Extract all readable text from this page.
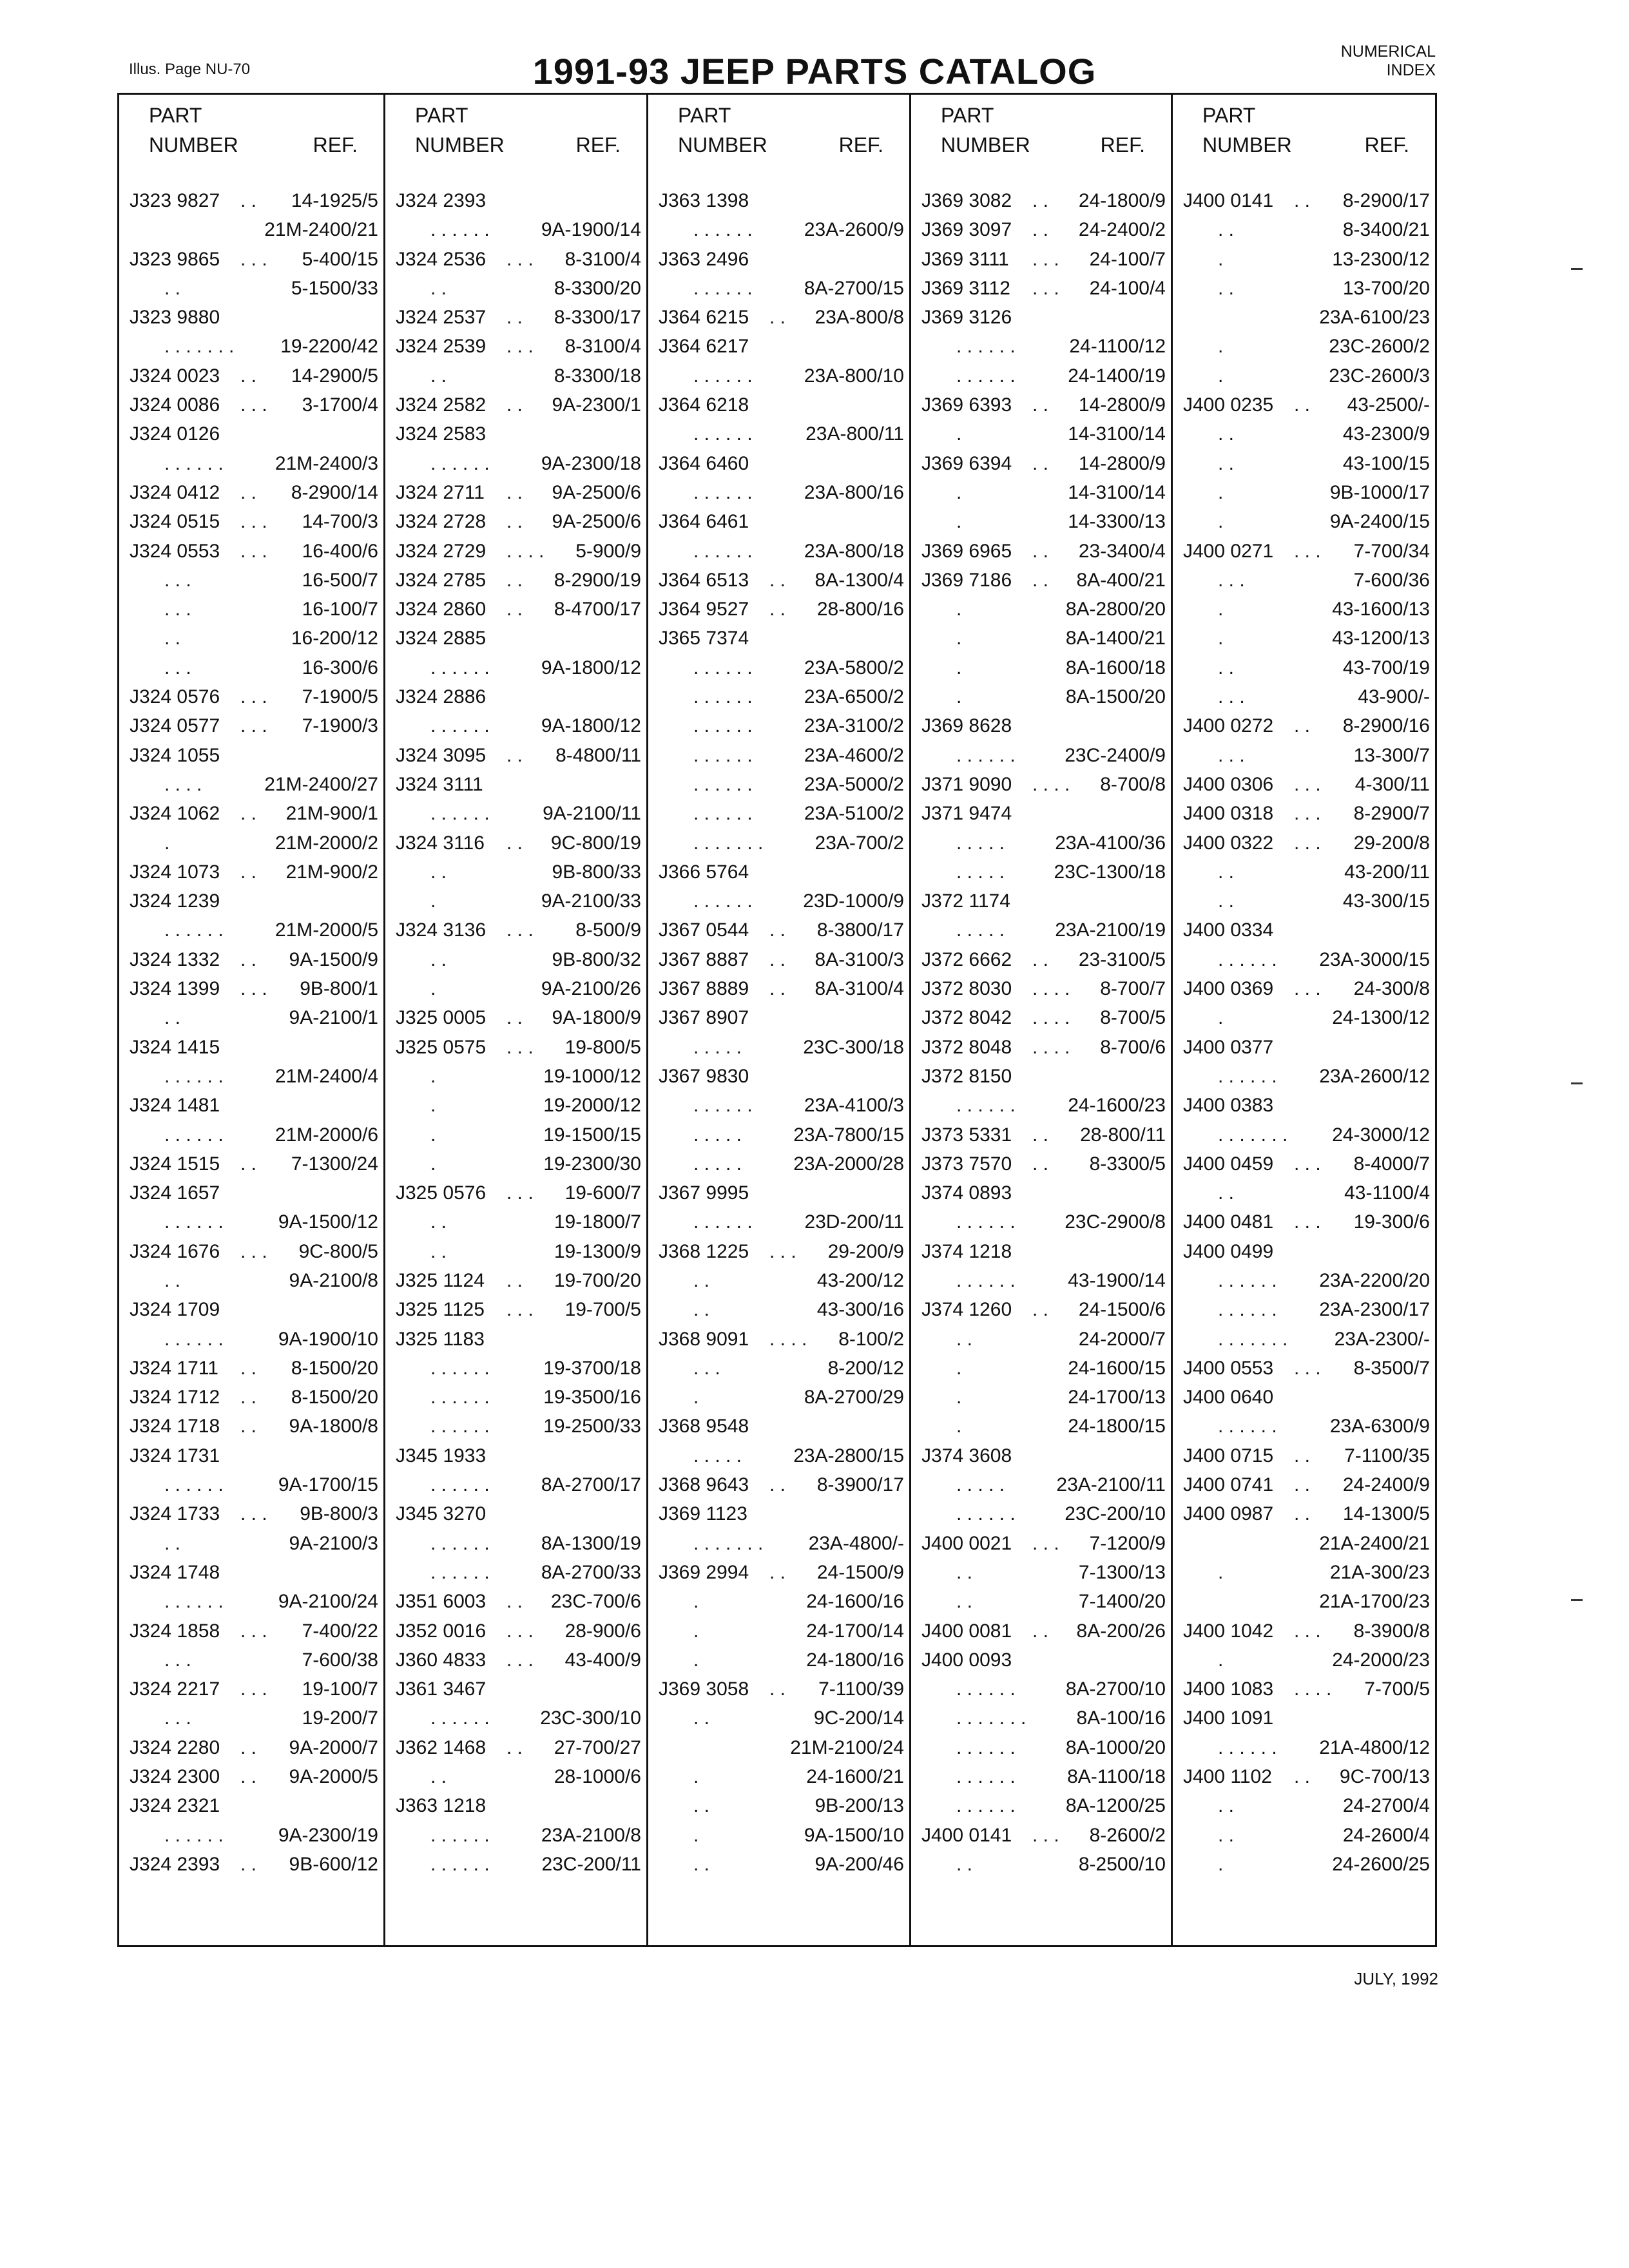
Illus. Page NU-70	1991-93 JEEP PARTS CATALOG	NUMERICAL
INDEX
PART
NUMBER	REF.
J323 9827 . . 14-1925/5
21M-2400/21
J323 9865 . . . 5-400/15
. .	5-1500/33
J323 9880
. . . . . . . 19-2200/42
J324 0023 . . 14-2900/5
J324 0086 . . . 3-1700/4
J324 0126
. . . . . .	21M-2400/3
J324 0412 . . 8-2900/14
J324 0515 . . . 14-700/3
J324 0553 . . . 16-400/6
. . .	16-500/7
. . .	16-100/7
. .	16-200/12
. . .	16-300/6
J324 0576 . . . 7-1900/5
J324 0577 . . . 7-1900/3
J324 1055
. . . .	21M-2400/27
J324 1062 . . 21M-900/1
.	21M-2000/2
J324 1073 . . 21M-900/2
J324 1239
. . . . . .	21M-2000/5
J324 1332 . . 9A-1500/9
J324 1399 . . . 9B-800/1
. .	9A-2100/1
J324 1415
. . . . . .	21M-2400/4
J324 1481
. . . . . .	21M-2000/6
J324 1515 . . 7-1300/24
J324 1657
. . . . . .	9A-1500/12
J324 1676 . . . 9C-800/5
. .	9A-2100/8
J324 1709
. . . . . .	9A-1900/10
J324 1711 . . 8-1500/20
J324 1712 . . 8-1500/20
J324 1718 . . 9A-1800/8
J324 1731
. . . . . .	9A-1700/15
J324 1733 . . . 9B-800/3
. .	9A-2100/3
J324 1748
. . . . . .	9A-2100/24
J324 1858 . . . 7-400/22
. . .	7-600/38
J324 2217 . . . 19-100/7
. . .	19-200/7
J324 2280 . . 9A-2000/7
J324 2300 . . 9A-2000/5
J324 2321
. . . . . .	9A-2300/19
J324 2393 . . 9B-600/12
PART
NUMBER	REF.
J324 2393
. . . . . .	9A-1900/14
J324 2536 . . . 8-3100/4
. .	8-3300/20
J324 2537 . . 8-3300/17
J324 2539 . . . 8-3100/4
. .	8-3300/18
J324 2582 . . 9A-2300/1
J324 2583
. . . . . .	9A-2300/18
J324 2711 . . 9A-2500/6
J324 2728 . . 9A-2500/6
J324 2729 . . . . 5-900/9
J324 2785 . . 8-2900/19
J324 2860 . . 8-4700/17
J324 2885
. . . . . .	9A-1800/12
J324 2886
. . . . . .	9A-1800/12
J324 3095 . . 8-4800/11
J324 3111
. . . . . .	9A-2100/11
J324 3116 . . 9C-800/19
. .	9B-800/33
.	9A-2100/33
J324 3136 . . . 8-500/9
. .	9B-800/32
.	9A-2100/26
J325 0005 . . 9A-1800/9
J325 0575 . . . 19-800/5
.	19-1000/12
.	19-2000/12
.	19-1500/15
.	19-2300/30
J325 0576 . . . 19-600/7
. .	19-1800/7
. .	19-1300/9
J325 1124 . . 19-700/20
J325 1125 . . . 19-700/5
J325 1183
. . . . . .	19-3700/18
. . . . . .	19-3500/16
. . . . . .	19-2500/33
J345 1933
. . . . . .	8A-2700/17
J345 3270
. . . . . .	8A-1300/19
. . . . . .	8A-2700/33
J351 6003 . . 23C-700/6
J352 0016 . . . 28-900/6
J360 4833 . . . 43-400/9
J361 3467
. . . . . .	23C-300/10
J362 1468 . . 27-700/27
. .	28-1000/6
J363 1218
. . . . . .	23A-2100/8
. . . . . .	23C-200/11
PART
NUMBER	REF.
J363 1398
. . . . . .	23A-2600/9
J363 2496
. . . . . .	8A-2700/15
J364 6215 . . 23A-800/8
J364 6217
. . . . . .	23A-800/10
J364 6218
. . . . . .	23A-800/11
J364 6460
. . . . . .	23A-800/16
J364 6461
. . . . . .	23A-800/18
J364 6513 . . 8A-1300/4
J364 9527 . . 28-800/16
J365 7374
. . . . . .	23A-5800/2
. . . . . .	23A-6500/2
. . . . . .	23A-3100/2
. . . . . .	23A-4600/2
. . . . . .	23A-5000/2
. . . . . .	23A-5100/2
. . . . . . .	23A-700/2
J366 5764
. . . . . .	23D-1000/9
J367 0544 . . 8-3800/17
J367 8887 . . 8A-3100/3
J367 8889 . . 8A-3100/4
J367 8907
. . . . .	23C-300/18
J367 9830
. . . . . .	23A-4100/3
. . . . .	23A-7800/15
. . . . .	23A-2000/28
J367 9995
. . . . . .	23D-200/11
J368 1225 . . . 29-200/9
. .	43-200/12
. .	43-300/16
J368 9091 . . . . 8-100/2
. . .	8-200/12
.	8A-2700/29
J368 9548
. . . . .	23A-2800/15
J368 9643 . . 8-3900/17
J369 1123
. . . . . . . 23A-4800/-
J369 2994 . . 24-1500/9
.	24-1600/16
.	24-1700/14
.	24-1800/16
J369 3058 . . 7-1100/39
. .	9C-200/14
21M-2100/24
.	24-1600/21
. .	9B-200/13
.	9A-1500/10
. .	9A-200/46
PART
NUMBER	REF.
J369 3082 . . 24-1800/9
J369 3097 . . 24-2400/2
J369 3111 . . . 24-100/7
J369 3112 . . . 24-100/4
J369 3126
. . . . . .	24-1100/12
. . . . . .	24-1400/19
J369 6393 . . 14-2800/9
.	14-3100/14
J369 6394 . . 14-2800/9
.	14-3100/14
.	14-3300/13
J369 6965 . . 23-3400/4
J369 7186 . . 8A-400/21
.	8A-2800/20
.	8A-1400/21
.	8A-1600/18
.	8A-1500/20
J369 8628
. . . . . .	23C-2400/9
J371 9090 . . . . 8-700/8
J371 9474
. . . . .	23A-4100/36
. . . . .	23C-1300/18
J372 1174
. . . . .	23A-2100/19
J372 6662 . . 23-3100/5
J372 8030 . . . . 8-700/7
J372 8042 . . . . 8-700/5
J372 8048 . . . . 8-700/6
J372 8150
. . . . . .	24-1600/23
J373 5331 . . 28-800/11
J373 7570 . . 8-3300/5
J374 0893
. . . . . .	23C-2900/8
J374 1218
. . . . . .	43-1900/14
J374 1260 . . 24-1500/6
. .	24-2000/7
.	24-1600/15
.	24-1700/13
.	24-1800/15
J374 3608
. . . . .	23A-2100/11
. . . . . .	23C-200/10
J400 0021 . . . 7-1200/9
. .	7-1300/13
. .	7-1400/20
J400 0081 . . 8A-200/26
J400 0093
. . . . . .	8A-2700/10
. . . . . . .	8A-100/16
. . . . . .	8A-1000/20
. . . . . .	8A-1100/18
. . . . . .	8A-1200/25
J400 0141 . . . 8-2600/2
. .	8-2500/10
PART
NUMBER	REF.
J400 0141 . . 8-2900/17
. .	8-3400/21
.	13-2300/12
. .	13-700/20
23A-6100/23
.	23C-2600/2
.	23C-2600/3
J400 0235 . . 43-2500/-
. .	43-2300/9
. .	43-100/15
.	9B-1000/17
.	9A-2400/15
J400 0271 . . . 7-700/34
. . .	7-600/36
.	43-1600/13
.	43-1200/13
. .	43-700/19
. . .	43-900/-
J400 0272 . . 8-2900/16
. . .	13-300/7
J400 0306 . . . 4-300/11
J400 0318 . . . 8-2900/7
J400 0322 . . . 29-200/8
. .	43-200/11
. .	43-300/15
J400 0334
. . . . . . 23A-3000/15
J400 0369 . . . 24-300/8
.	24-1300/12
J400 0377
. . . . . . 23A-2600/12
J400 0383
. . . . . . . 24-3000/12
J400 0459 . . . 8-4000/7
. .	43-1100/4
J400 0481 . . . 19-300/6
J400 0499
. . . . . . 23A-2200/20
. . . . . . 23A-2300/17
. . . . . . . 23A-2300/-
J400 0553 . . . 8-3500/7
J400 0640
. . . . . .	23A-6300/9
J400 0715 . . 7-1100/35
J400 0741 . . 24-2400/9
J400 0987 . . 14-1300/5
21A-2400/21
.	21A-300/23
21A-1700/23
J400 1042 . . . 8-3900/8
.	24-2000/23
J400 1083 . . . . 7-700/5
J400 1091
. . . . . . 21A-4800/12
J400 1102 . . 9C-700/13
. .	24-2700/4
. .	24-2600/4
.	24-2600/25
JULY, 1992
